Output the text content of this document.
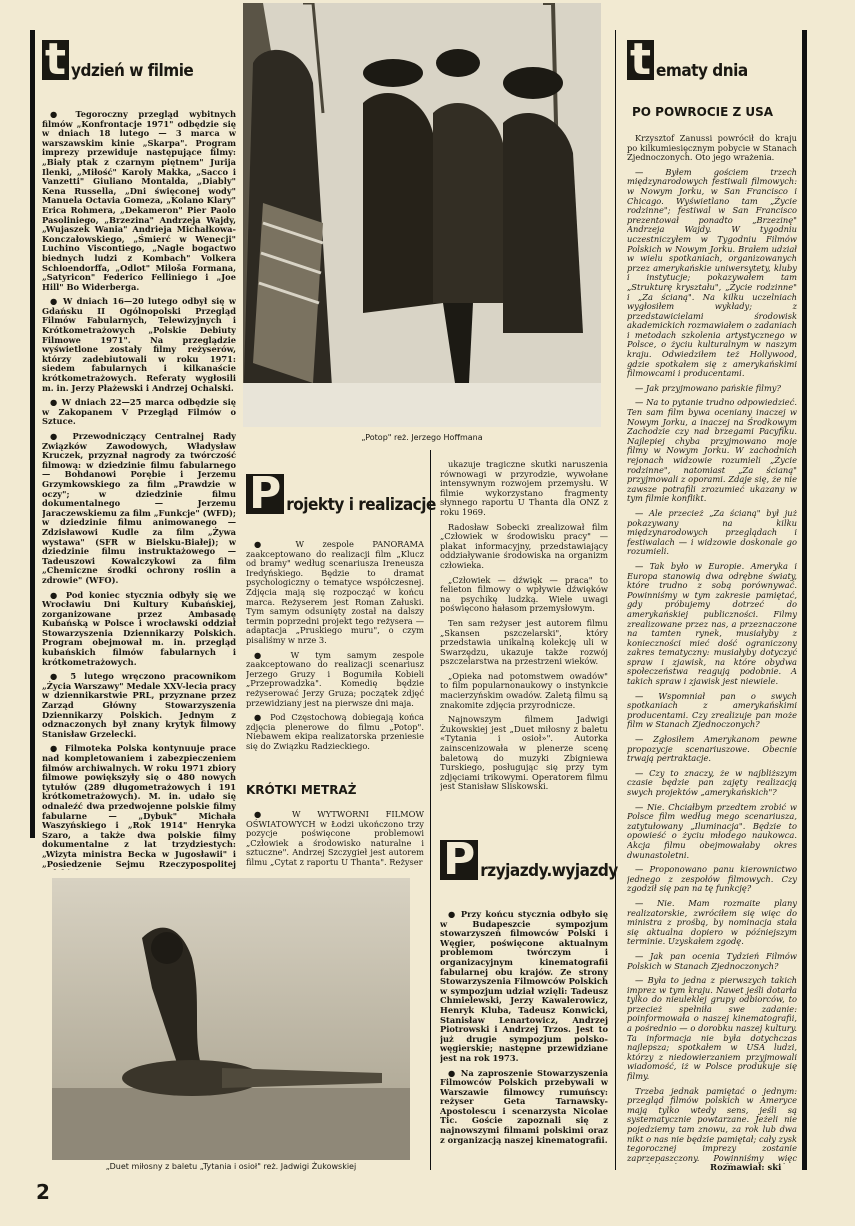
t ydzień w filmie

● Tegoroczny przegląd wybitnych filmów „Konfrontacje 1971" odbędzie się w dniach 18 lutego — 3 marca w warszawskim kinie „Skarpa". Program imprezy przewiduje następujące filmy: „Biały ptak z czarnym piętnem" Jurija Ilenki, „Miłość" Karoly Makka, „Sacco i Vanzetti" Giuliano Montalda, „Diably" Kena Russella, „Dni święconej wody" Manuela Octavia Gomeza, „Kolano Klary" Erica Rohmera, „Dekameron" Pier Paolo Pasoliniego, „Brzezina" Andrzeja Wajdy, „Wujaszek Wania" Andrieja Michałkowa-Konczałowskiego, „Śmierć w Wenecji" Luchino Viscontiego, „Nagle bogactwo biednych ludzi z Kombach" Volkera Schloendorffa, „Odlot" Miloša Formana, „Satyricon" Federico Felliniego i „Joe Hill" Bo Widerberga.

● W dniach 16—20 lutego odbył się w Gdańsku II Ogólnopolski Przegląd Filmów Fabularnych, Telewizyjnych i Krótkometrażowych „Polskie Debiuty Filmowe 1971". Na przeglądzie wyświetlone zostały filmy reżyserów, którzy zadebiutowali w roku 1971: siedem fabularnych i kilkanaście krótkometrażowych. Referaty wygłosili m. in. Jerzy Płażewski i Andrzej Ochalski.

● W dniach 22—25 marca odbędzie się w Zakopanem V Przegląd Filmów o Sztuce.

● Przewodniczący Centralnej Rady Związków Zawodowych, Władysław Kruczek, przyznał nagrody za twórczość filmową: w dziedzinie filmu fabularnego — Bohdanowi Porębie i Jerzemu Grzymkowskiego za film „Prawdzie w oczy"; w dziedzinie filmu dokumentalnego — Jerzemu Jaraczewskiemu za film „Funkcje" (WFD); w dziedzinie filmu animowanego — Zdzisławowi Kudle za film „Żywa wystawa" (SFR w Bielsku-Białej); w dziedzinie filmu instruktażowego — Tadeuszowi Kowalczykowi za film „Chemiczne środki ochrony roślin a zdrowie" (WFO).

● Pod koniec stycznia odbyły się we Wrocławiu Dni Kultury Kubańskiej, zorganizowane przez Ambasadę Kubańską w Polsce i wrocławski oddział Stowarzyszenia Dziennikarzy Polskich. Program obejmował m. in. przegląd kubańskich filmów fabularnych i krótkometrażowych.

● 5 lutego wręczono pracownikom „Życia Warszawy" Medale XXV-lecia pracy w dziennikarstwie PRL, przyznane przez Zarząd Główny Stowarzyszenia Dziennikarzy Polskich. Jednym z odznaczonych był znany krytyk filmowy Stanisław Grzelecki.

● Filmoteka Polska kontynuuje prace nad kompletowaniem i zabezpieczeniem filmów archiwalnych. W roku 1971 zbiory filmowe powiększyły się o 480 nowych tytułów (289 długometrażowych i 191 krótkometrażowych). M. in. udało się odnaleźć dwa przedwojenne polskie filmy fabularne — „Dybuk" Michała Waszyńskiego i „Rok 1914" Henryka Szaro, a także dwa polskie filmy dokumentalne z lat trzydziestych: „Wizyta ministra Becka w Jugosławii" i „Posiedzenie Sejmu Rzeczypospolitej

„Duet miłosny z baletu „Tytania i osioł" reż. Jadwigi Żukowskiej
2
„Potop" reż. Jerzego Hoffmana
P rojekty i realizacje

● W zespole PANORAMA zaakceptowano do realizacji film „Klucz od bramy" według scenariusza Ireneusza Iredyńskiego. Będzie to dramat psychologiczny o tematyce współczesnej. Zdjęcia mają się rozpocząć w końcu marca. Reżyserem jest Roman Załuski. Tym samym odsunięty został na dalszy termin poprzedni projekt tego reżysera — adaptacja „Pruskiego muru", o czym pisaliśmy w nrze 3.

● W tym samym zespole zaakceptowano do realizacji scenariusz Jerzego Gruzy i Bogumiła Kobieli „Przeprowadzka". Komedię będzie reżyserować Jerzy Gruza; początek zdjęć przewidziany jest na pierwsze dni maja.

● Pod Częstochową dobiegają końca zdjęcia plenerowe do filmu „Potop". Niebawem ekipa realizatorska przeniesie się do Związku Radzieckiego.

KRÓTKI METRAŻ

● W WYTWÓRNI FILMÓW OŚWIATOWYCH w Łodzi ukończono trzy pozycje poświęcone problemowi „Człowiek a środowisko naturalne i sztuczne". Andrzej Szczygieł jest autorem filmu „Cytat z raportu U Thanta". Reżyser

ukazuje tragiczne skutki naruszenia równowagi w przyrodzie, wywołane intensywnym rozwojem przemysłu. W filmie wykorzystano fragmenty słynnego raportu U Thanta dla ONZ z roku 1969.

Radosław Sobecki zrealizował film „Człowiek w środowisku pracy" — plakat informacyjny, przedstawiający oddziaływanie środowiska na organizm człowieka.

„Człowiek — dźwięk — praca" to felieton filmowy o wpływie dźwięków na psychikę ludzką. Wiele uwagi poświęcono hałasom przemysłowym.

Ten sam reżyser jest autorem filmu „Skansen pszczelarski", który przedstawia unikalną kolekcję uli w Swarzędzu, ukazuje także rozwój pszczelarstwa na przestrzeni wieków.

„Opieka nad potomstwem owadów" to film popularnonaukowy o instynkcie macierzyńskim owadów. Zaletą filmu są znakomite zdjęcia przyrodnicze.

Najnowszym filmem Jadwigi Żukowskiej jest „Duet miłosny z baletu «Tytania i osioł»". Autorka zainscenizowała w plenerze scenę baletową do muzyki Zbigniewa Turskiego, posługując się przy tym zdjęciami trikowymi. Operatorem filmu jest Stanisław Sliskowski.

P rzyjazdy.wyjazdy

● Przy końcu stycznia odbyło się w Budapeszcie sympozjum stowarzyszeń filmowców Polski i Węgier, poświęcone aktualnym problemom twórczym i organizacyjnym kinematografii fabularnej obu krajów. Ze strony Stowarzyszenia Filmowców Polskich w sympozjum udział wzięli: Tadeusz Chmielewski, Jerzy Kawalerowicz, Henryk Kluba, Tadeusz Konwicki, Stanisław Lenartowicz, Andrzej Piotrowski i Andrzej Trzos. Jest to już drugie sympozjum polsko-węgierskie; następne przewidziane jest na rok 1973.

● Na zaproszenie Stowarzyszenia Filmowców Polskich przebywali w Warszawie filmowcy rumuńscy: reżyser Geta Tarnawsky-Apostolescu i scenarzysta Nicolae Tic. Goście zapoznali się z najnowszymi filmami polskimi oraz z organizacją naszej kinematografii.

t ematy dnia
PO POWROCIE Z USA

Krzysztof Zanussi powrócił do kraju po kilkumiesięcznym pobycie w Stanach Zjednoczonych. Oto jego wrażenia.

— Byłem gościem trzech międzynarodowych festiwali filmowych: w Nowym Jorku, w San Francisco i Chicago. Wyświetlano tam „Życie rodzinne"; festiwal w San Francisco prezentował ponadto „Brzezinę" Andrzeja Wajdy. W tygodniu uczestniczyłem w Tygodniu Filmów Polskich w Nowym Jorku. Brałem udział w wielu spotkaniach, organizowanych przez amerykańskie uniwersytety, kluby i instytucje; pokazywałem tam „Strukturę kryształu", „Życie rodzinne" i „Za ścianą". Na kilku uczelniach wygłosiłem wykłady; z przedstawicielami środowisk akademickich rozmawiałem o zadaniach i metodach szkolenia artystycznego w Polsce, o życiu kulturalnym w naszym kraju. Odwiedziłem też Hollywood, gdzie spotkałem się z amerykańskimi filmowcami i producentami.

— Jak przyjmowano pańskie filmy?

— Na to pytanie trudno odpowiedzieć. Ten sam film bywa oceniany inaczej w Nowym Jorku, a inaczej na Środkowym Zachodzie czy nad brzegami Pacyfiku. Najlepiej chyba przyjmowano moje filmy w Nowym Jorku. W zachodnich rejonach widzowie rozumieli „Życie rodzinne", natomiast „Za ścianą" przyjmowali z oporami. Zdaje się, że nie zawsze potrafili zrozumieć ukazany w tym filmie konflikt.

— Ale przecież „Za ścianą" był już pokazywany na kilku międzynarodowych przeglądach i festiwalach — i widzowie doskonale go rozumieli.

— Tak było w Europie. Ameryka i Europa stanowią dwa odrębne światy, które trudno z sobą porównywać. Powinniśmy w tym zakresie pamiętać, gdy próbujemy dotrzeć do amerykańskiej publiczności. Filmy zrealizowane przez nas, a przeznaczone na tamten rynek, musiałyby z konieczności mieć dość ograniczony zakres tematyczny: musiałyby dotyczyć spraw i zjawisk, na które obydwa społeczeństwa reagują podobnie. A takich spraw i zjawisk jest niewiele.

— Wspomniał pan o swych spotkaniach z amerykańskimi producentami. Czy zrealizuje pan może film w Stanach Zjednoczonych?

— Zgłosiłem Amerykanom pewne propozycje scenariuszowe. Obecnie trwają pertraktacje.

— Czy to znaczy, że w najbliższym czasie będzie pan zajęty realizacją swych projektów „amerykańskich"?

— Nie. Chciałbym przedtem zrobić w Polsce film według mego scenariusza, zatytułowany „Iluminacja". Będzie to opowieść o życiu młodego naukowca. Akcja filmu obejmowałaby okres dwunastoletni.

— Proponowano panu kierownictwo jednego z zespołów filmowych. Czy zgodził się pan na tę funkcję?

— Nie. Mam rozmaite plany realizatorskie, zwróciłem się więc do ministra z prośbą, by nominacja stała się aktualna dopiero w późniejszym terminie. Uzyskałem zgodę.

— Jak pan ocenia Tydzień Filmów Polskich w Stanach Zjednoczonych?

— Była to jedna z pierwszych takich imprez w tym kraju. Nawet jeśli dotarła tylko do nieuleklej grupy odbiorców, to przecież spełniła swe zadanie: poinformowała o naszej kinematografii, a pośrednio — o dorobku naszej kultury. Ta informacja nie była dotychczas najlepsza; spotkałem w USA ludzi, którzy z niedowierzaniem przyjmowali wiadomość, iż w Polsce produkuje się filmy.

Trzeba jednak pamiętać o jednym: przegląd filmów polskich w Ameryce mają tylko wtedy sens, jeśli są systematycznie powtarzane. Jeżeli nie pojedziemy tam znowu, za rok lub dwa nikt o nas nie będzie pamiętał; cały zysk tegorocznej imprezy zostanie zaprzepaszczony. Powinniśmy więc

Rozmawiał: ski
